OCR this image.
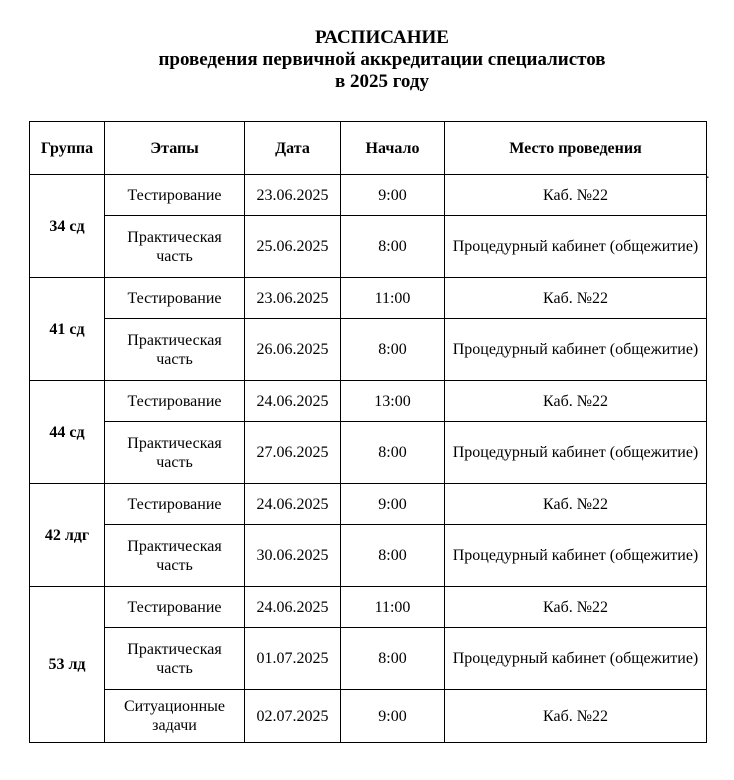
РАСПИСАНИЕ
проведения первичной аккредитации специалистов
в 2025 году
Группа	Этапы	Дата	Начало	Место проведения
34 сд	Тестирование	23.06.2025	9:00	Каб. №22
	Практическая часть	25.06.2025	8:00	Процедурный кабинет (общежитие)
41 сд	Тестирование	23.06.2025	11:00	Каб. №22
	Практическая часть	26.06.2025	8:00	Процедурный кабинет (общежитие)
44 сд	Тестирование	24.06.2025	13:00	Каб. №22
	Практическая часть	27.06.2025	8:00	Процедурный кабинет (общежитие)
42 лдг	Тестирование	24.06.2025	9:00	Каб. №22
	Практическая часть	30.06.2025	8:00	Процедурный кабинет (общежитие)
53 лд	Тестирование	24.06.2025	11:00	Каб. №22
	Практическая часть	01.07.2025	8:00	Процедурный кабинет (общежитие)
	Ситуационные задачи	02.07.2025	9:00	Каб. №22
.
